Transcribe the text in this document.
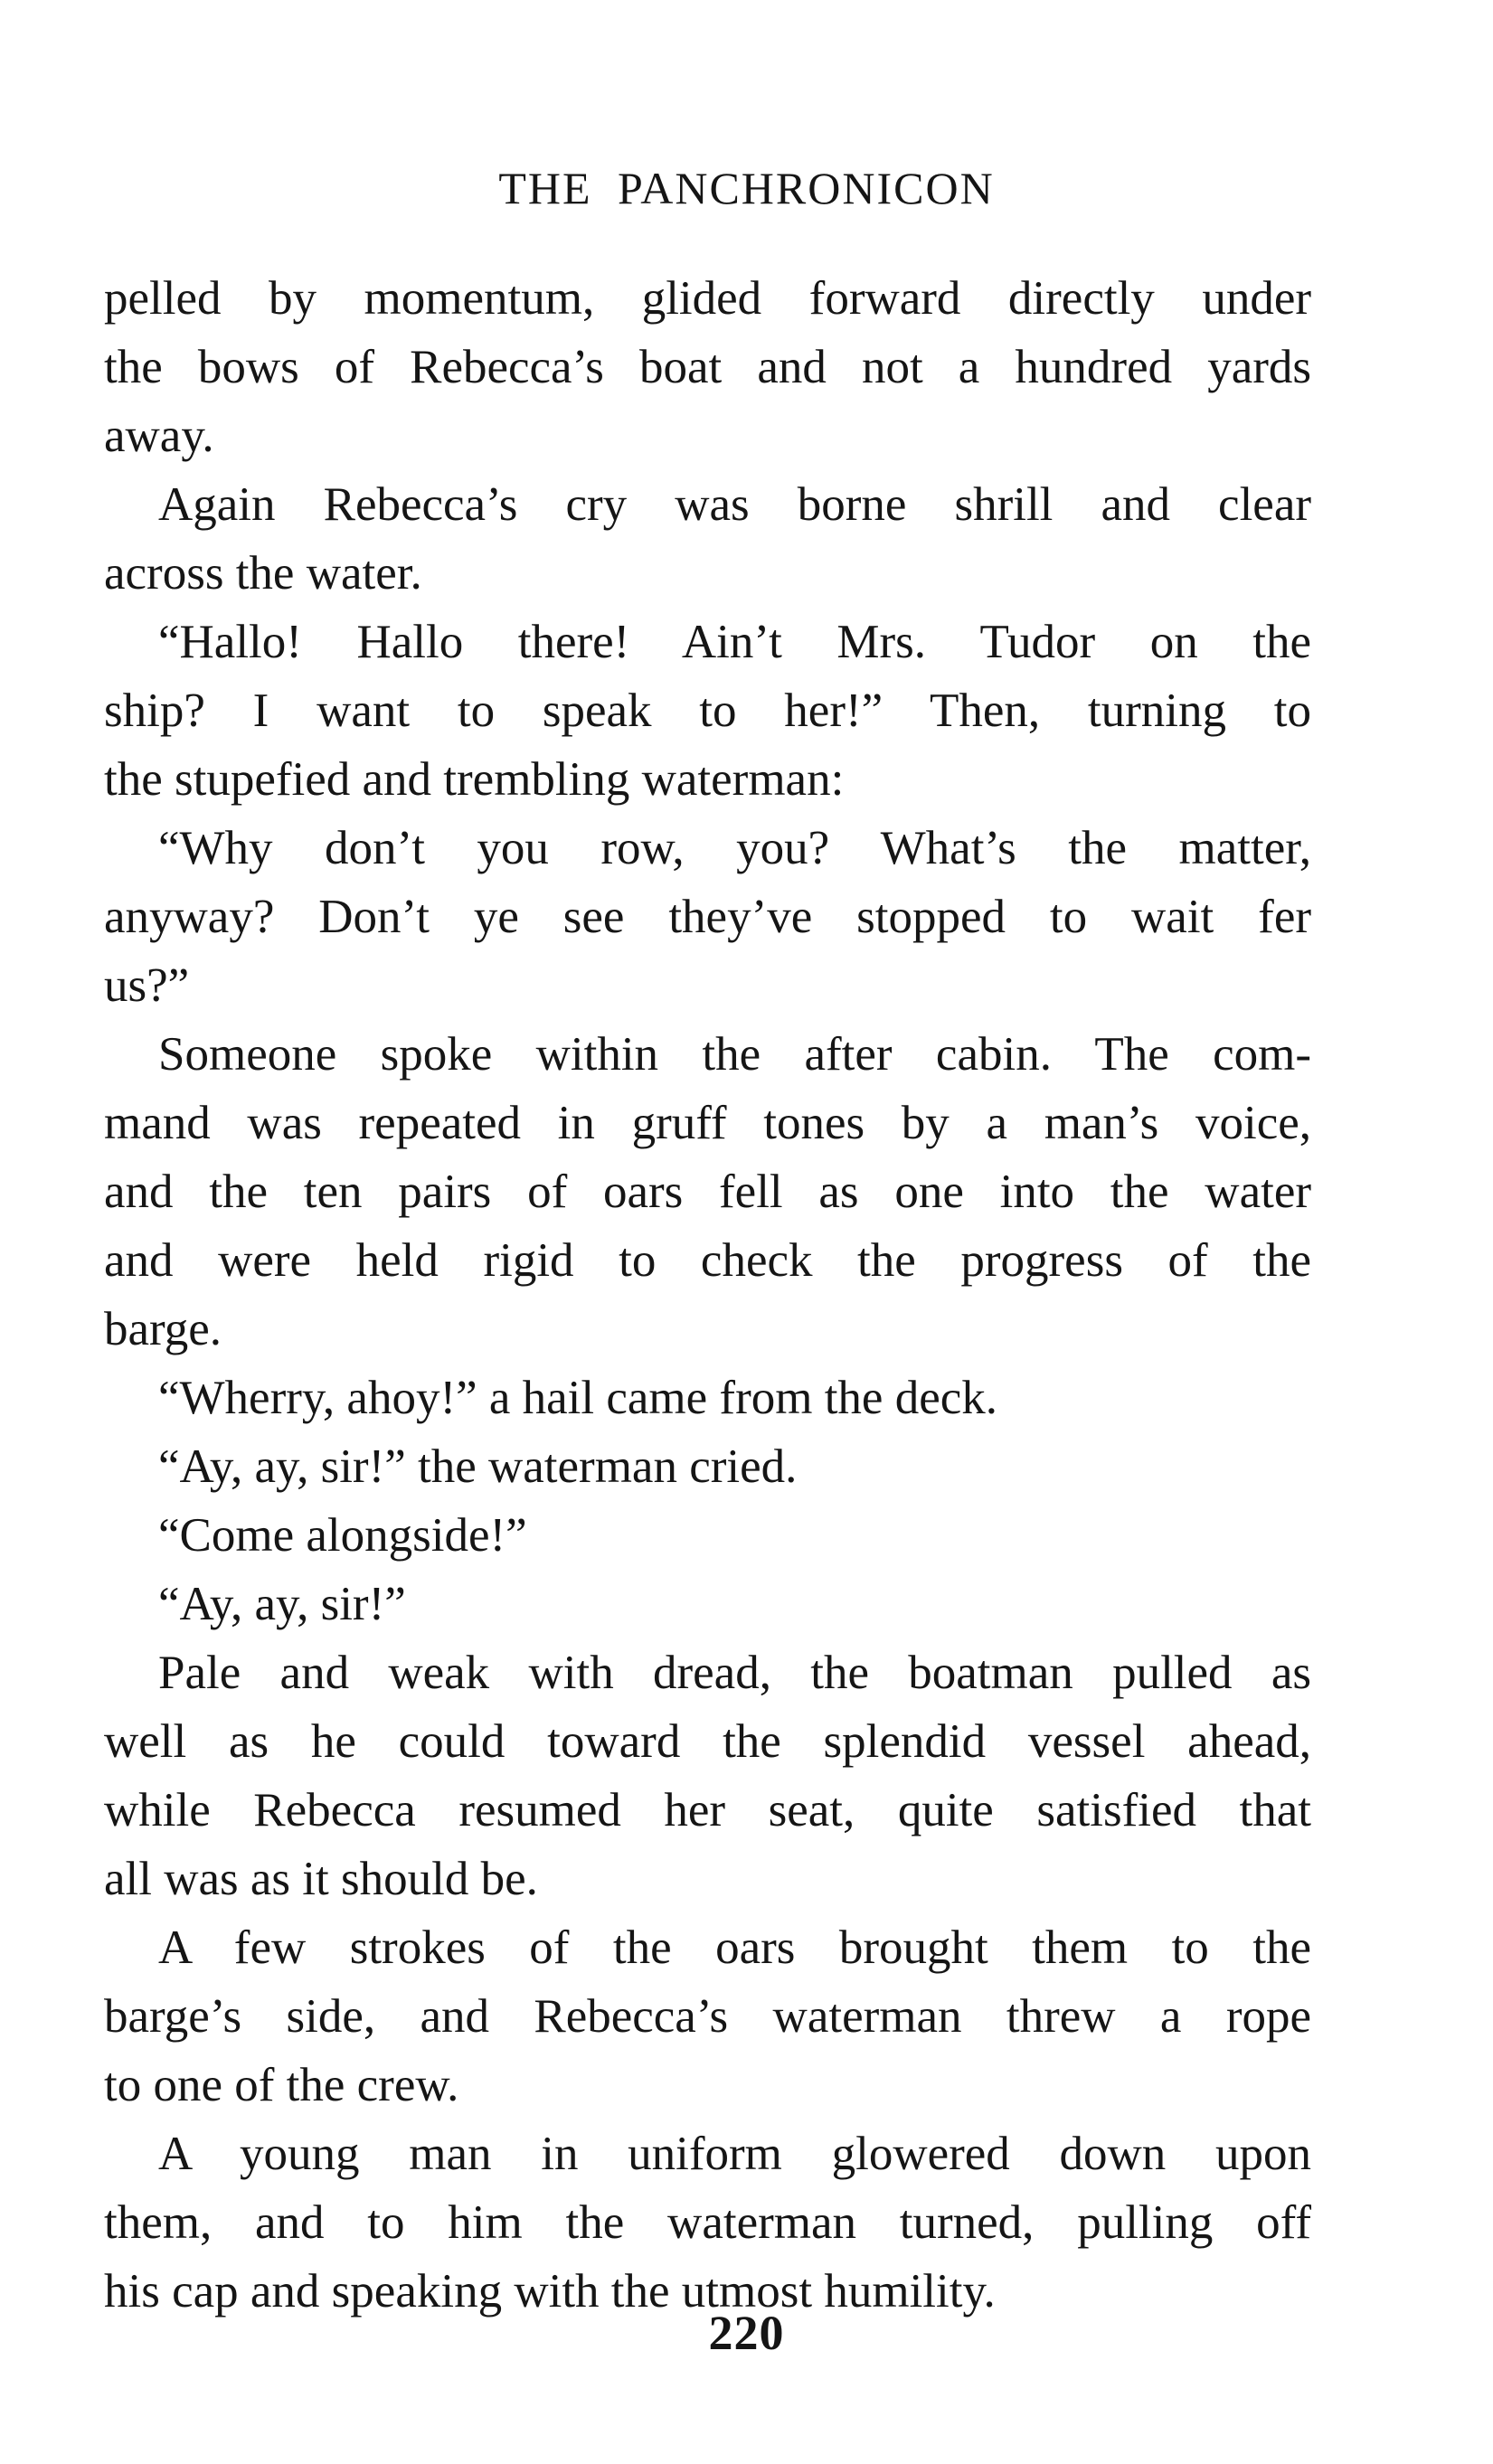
THE PANCHRONICON
pelled by momentum, glided forward directly under
the bows of Rebecca’s boat and not a hundred yards
away.
Again Rebecca’s cry was borne shrill and clear
across the water.
“Hallo! Hallo there! Ain’t Mrs. Tudor on the
ship? I want to speak to her!” Then, turning to
the stupefied and trembling waterman:
“Why don’t you row, you? What’s the matter,
anyway? Don’t ye see they’ve stopped to wait fer
us?”
Someone spoke within the after cabin. The com-
mand was repeated in gruff tones by a man’s voice,
and the ten pairs of oars fell as one into the water
and were held rigid to check the progress of the
barge.
“Wherry, ahoy!” a hail came from the deck.
“Ay, ay, sir!” the waterman cried.
“Come alongside!”
“Ay, ay, sir!”
Pale and weak with dread, the boatman pulled as
well as he could toward the splendid vessel ahead,
while Rebecca resumed her seat, quite satisfied that
all was as it should be.
A few strokes of the oars brought them to the
barge’s side, and Rebecca’s waterman threw a rope
to one of the crew.
A young man in uniform glowered down upon
them, and to him the waterman turned, pulling off
his cap and speaking with the utmost humility.
220
